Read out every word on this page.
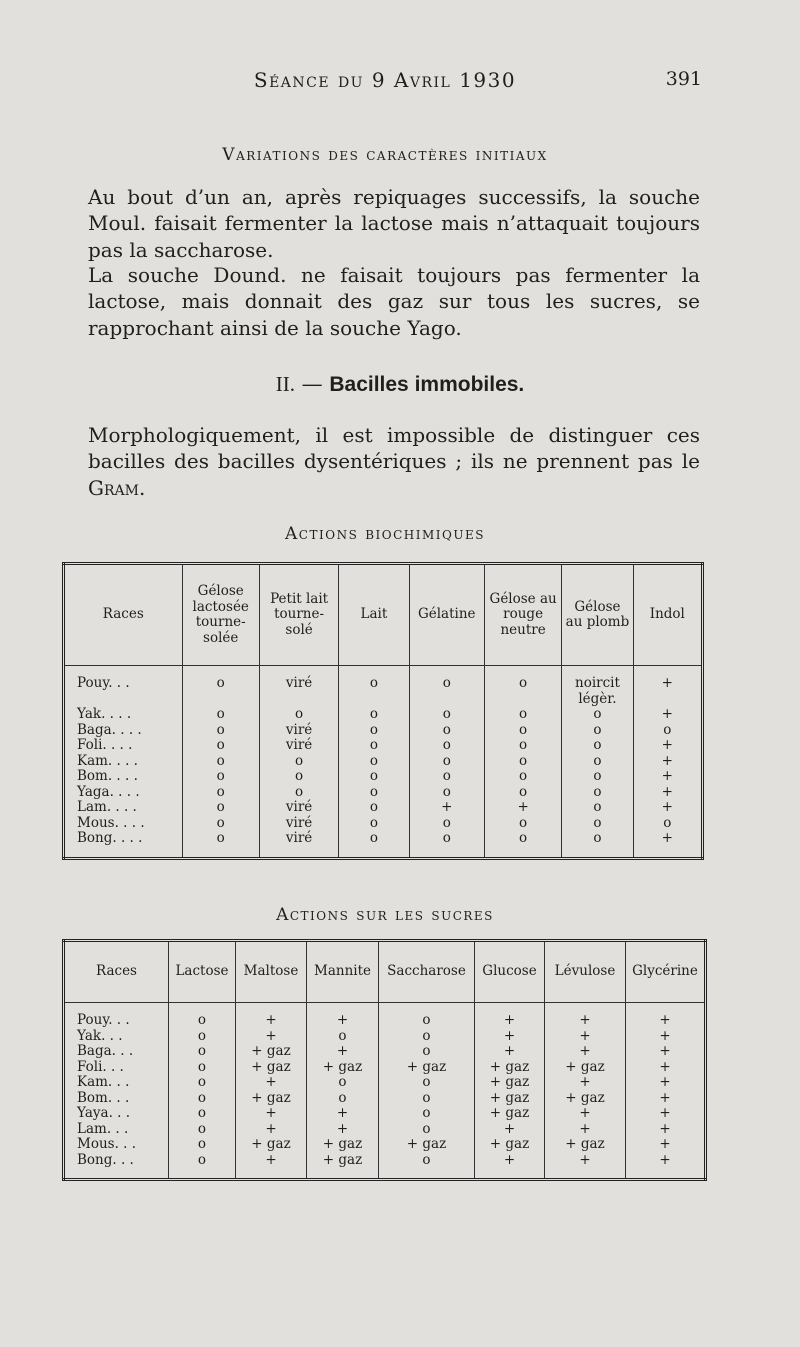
Séance du 9 Avril 1930	391
Variations des caractères initiaux

Au bout d’un an, après repiquages successifs, la souche Moul. faisait fermenter la lactose mais n’attaquait toujours pas la saccharose.

La souche Dound. ne faisait toujours pas fermenter la lactose, mais donnait des gaz sur tous les sucres, se rapprochant ainsi de la souche Yago.

II. — Bacilles immobiles.

Morphologiquement, il est impossible de distinguer ces bacilles des bacilles dysentériques ; ils ne prennent pas le Gram.

Actions biochimiques
Races	Gélose lactosée tourne-solée	Petit lait tourne-solé	Lait	Gélatine	Gélose au rouge neutre	Gélose au plomb	Indol
Pouy. . .	o	viré	o	o	o	noircit légèr.	+
Yak. . . .	o	o	o	o	o	o	+
Baga. . . .	o	viré	o	o	o	o	o
Foli. . . .	o	viré	o	o	o	o	+
Kam. . . .	o	o	o	o	o	o	+
Bom. . . .	o	o	o	o	o	o	+
Yaga. . . .	o	o	o	o	o	o	+
Lam. . . .	o	viré	o	+	+	o	+
Mous. . . .	o	viré	o	o	o	o	o
Bong. . . .	o	viré	o	o	o	o	+
Actions sur les sucres
Races	Lactose	Maltose	Mannite	Saccharose	Glucose	Lévulose	Glycérine
Pouy. . .	o	+	+	o	+	+	+
Yak. . .	o	+	o	o	+	+	+
Baga. . .	o	+ gaz	+	o	+	+	+
Foli. . .	o	+ gaz	+ gaz	+ gaz	+ gaz	+ gaz	+
Kam. . .	o	+	o	o	+ gaz	+	+
Bom. . .	o	+ gaz	o	o	+ gaz	+ gaz	+
Yaya. . .	o	+	+	o	+ gaz	+	+
Lam. . .	o	+	+	o	+	+	+
Mous. . .	o	+ gaz	+ gaz	+ gaz	+ gaz	+ gaz	+
Bong. . .	o	+	+ gaz	o	+	+	+
